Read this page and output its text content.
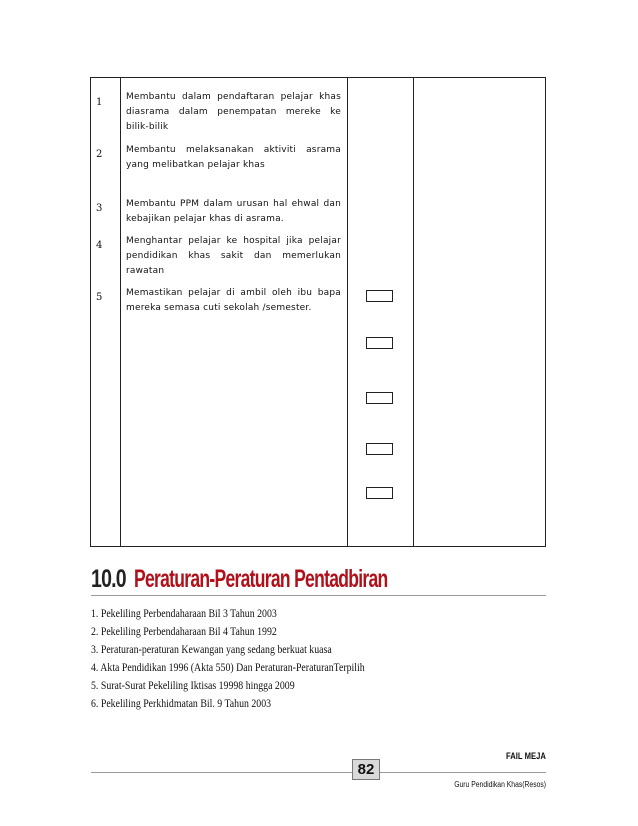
1	Membantu dalam pendaftaran pelajar khas diasrama dalam penempatan mereke ke bilik-bilik
2	Membantu melaksanakan aktiviti asrama yang melibatkan pelajar khas
3	Membantu PPM dalam urusan hal ehwal dan kebajikan pelajar khas di asrama.
4	Menghantar pelajar ke hospital jika pelajar pendidikan khas sakit dan memerlukan rawatan
5	Memastikan pelajar di ambil oleh ibu bapa mereka semasa cuti sekolah /semester.
10.0 Peraturan-Peraturan Pentadbiran
1. Pekeliling Perbendaharaan Bil 3 Tahun 2003
2. Pekeliling Perbendaharaan Bil 4 Tahun 1992
3. Peraturan-peraturan Kewangan yang sedang berkuat kuasa
4. Akta Pendidikan 1996 (Akta 550) Dan Peraturan-PeraturanTerpilih
5. Surat-Surat Pekeliling Iktisas 19998 hingga 2009
6. Pekeliling Perkhidmatan Bil. 9 Tahun 2003
82
FAIL MEJA
Guru Pendidikan Khas(Resos)
